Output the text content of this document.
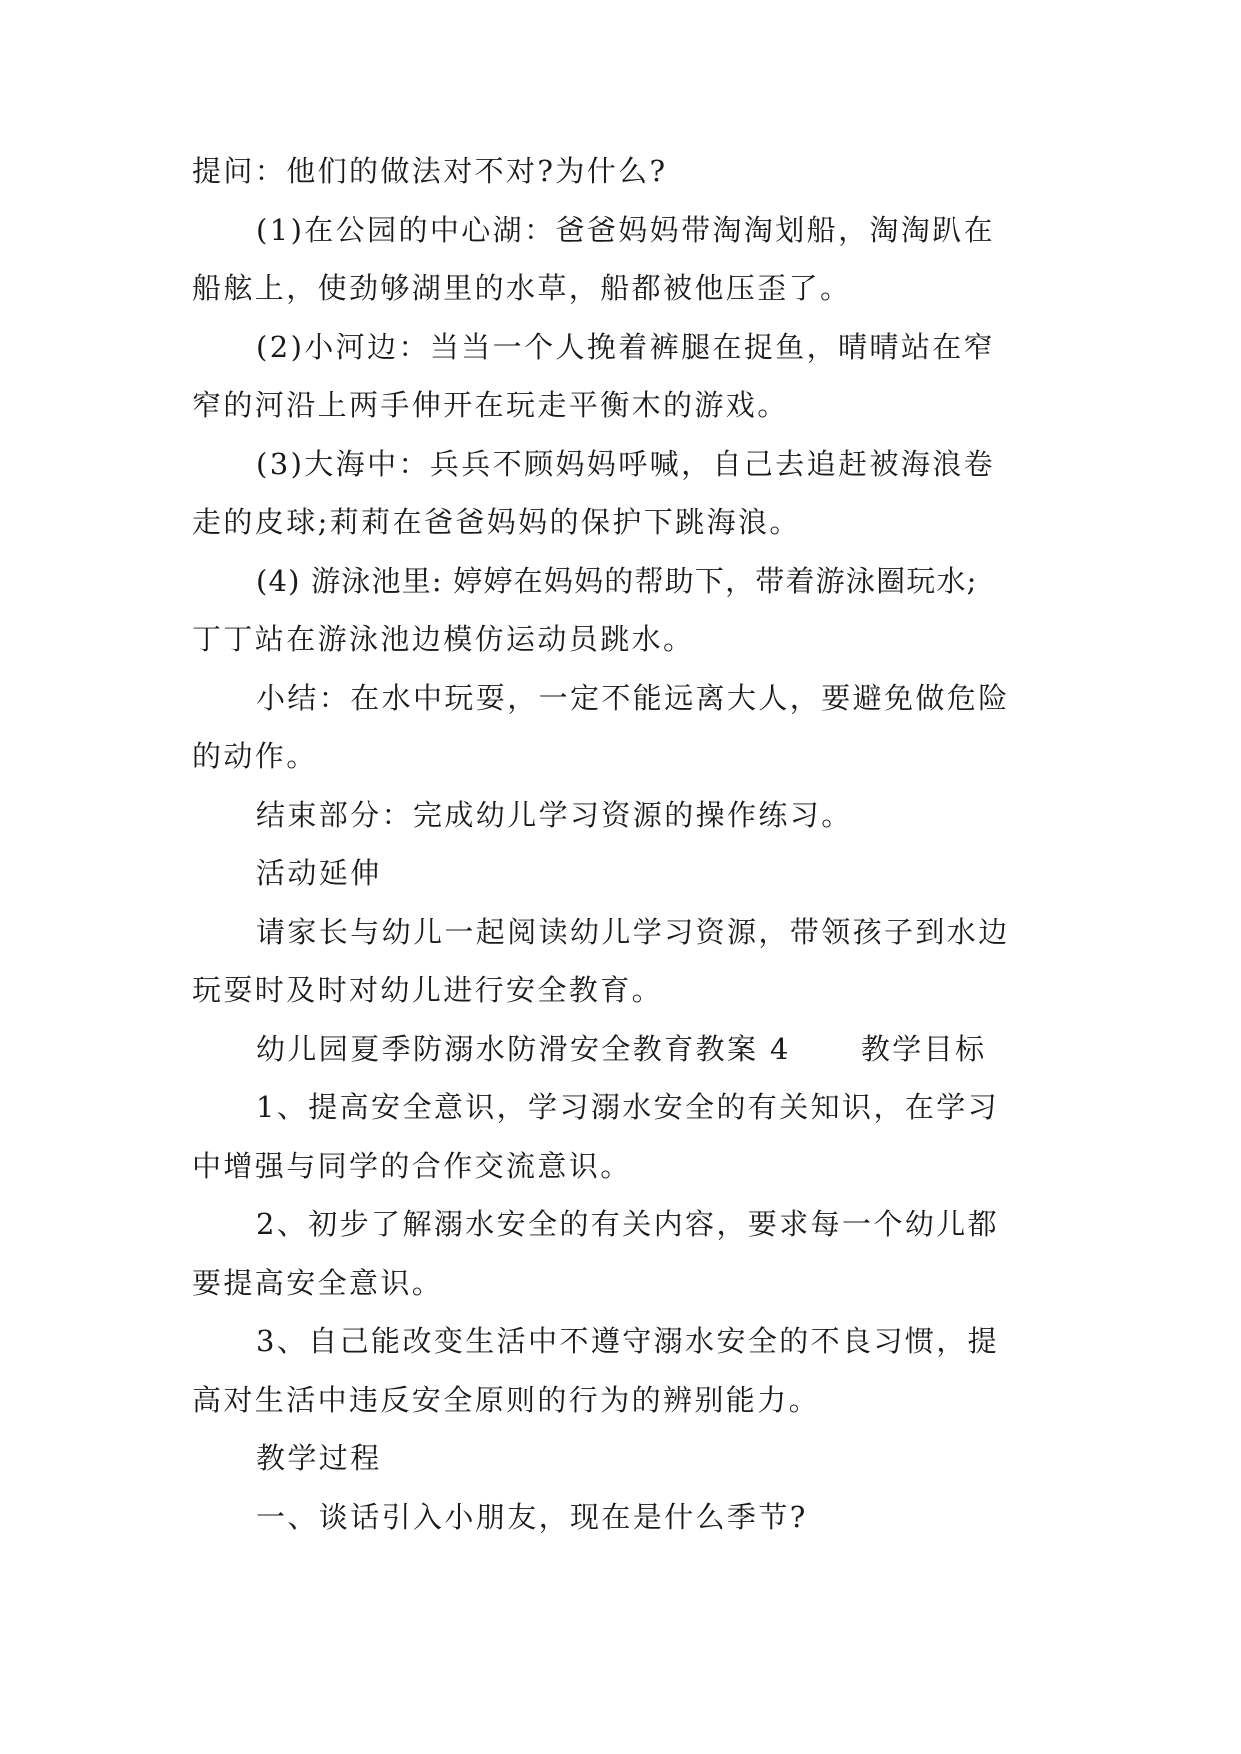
提问：他们的做法对不对?为什么?
(1)在公园的中心湖：爸爸妈妈带淘淘划船，淘淘趴在
船舷上，使劲够湖里的水草，船都被他压歪了。
(2)小河边：当当一个人挽着裤腿在捉鱼，晴晴站在窄
窄的河沿上两手伸开在玩走平衡木的游戏。
(3)大海中：兵兵不顾妈妈呼喊，自己去追赶被海浪卷
走的皮球;莉莉在爸爸妈妈的保护下跳海浪。
(4) 游泳池里: 婷婷在妈妈的帮助下，带着游泳圈玩水;
丁丁站在游泳池边模仿运动员跳水。
小结：在水中玩耍，一定不能远离大人，要避免做危险
的动作。
结束部分：完成幼儿学习资源的操作练习。
活动延伸
请家长与幼儿一起阅读幼儿学习资源，带领孩子到水边
玩耍时及时对幼儿进行安全教育。
幼儿园夏季防溺水防滑安全教育教案 4 教学目标
1、提高安全意识，学习溺水安全的有关知识，在学习
中增强与同学的合作交流意识。
2、初步了解溺水安全的有关内容，要求每一个幼儿都
要提高安全意识。
3、自己能改变生活中不遵守溺水安全的不良习惯，提
高对生活中违反安全原则的行为的辨别能力。
教学过程
一、谈话引入小朋友，现在是什么季节?
